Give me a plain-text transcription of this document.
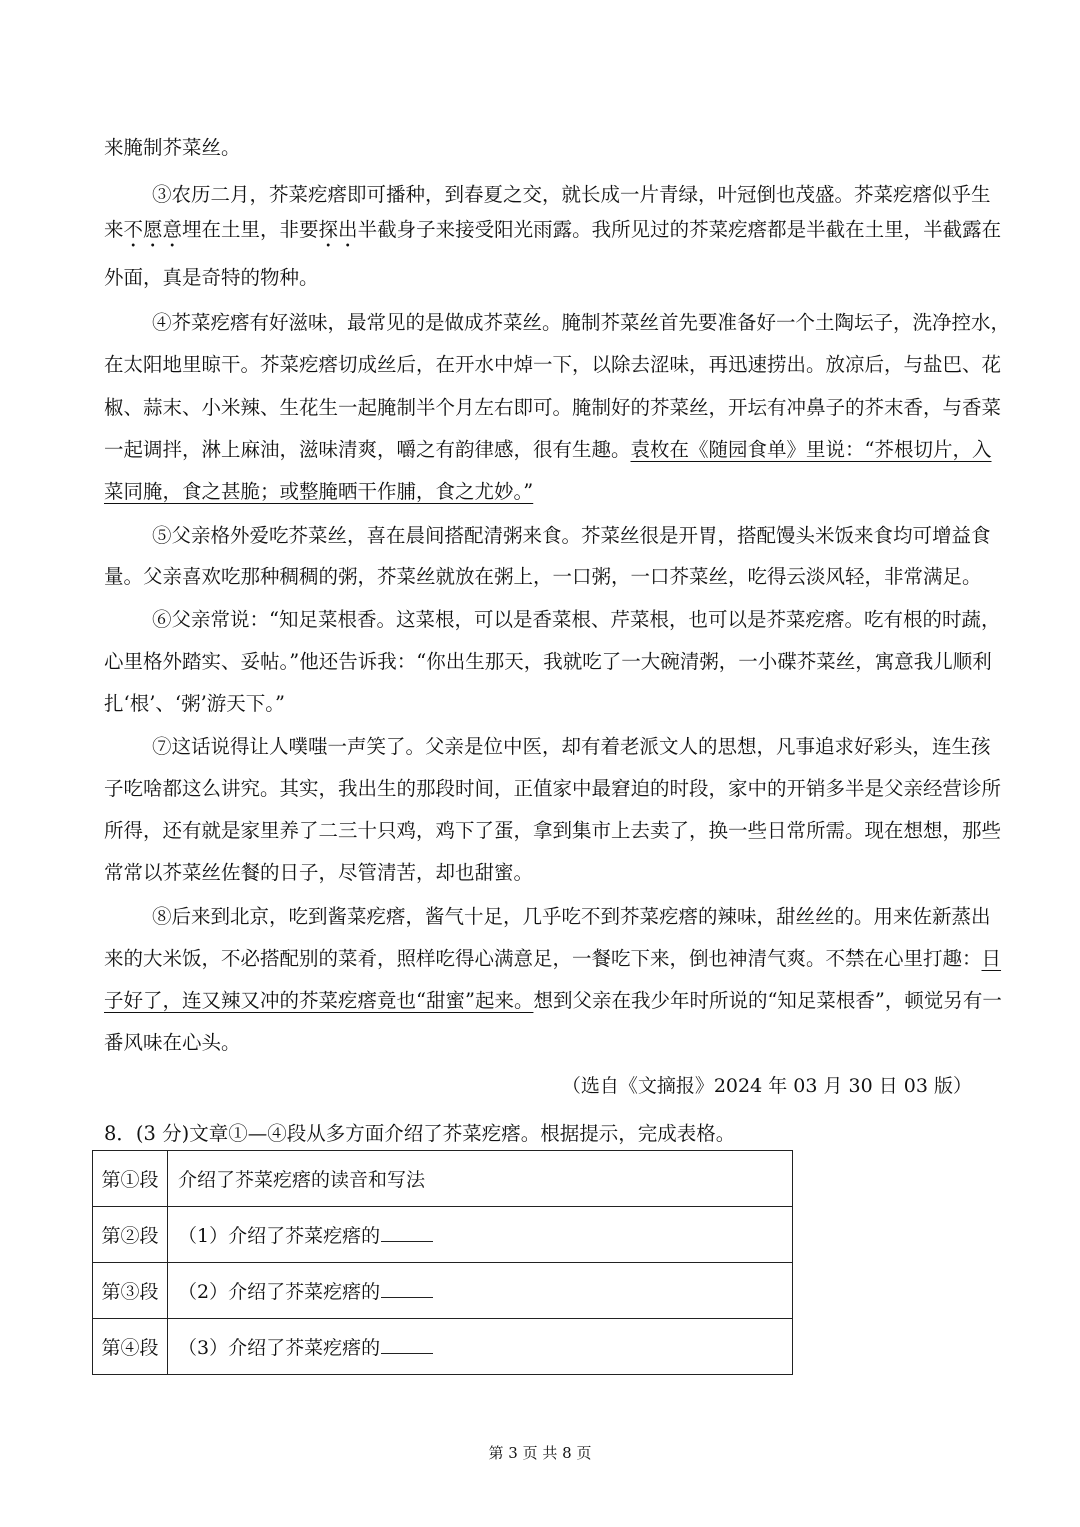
来腌制芥菜丝。
③农历二月，芥菜疙瘩即可播种，到春夏之交，就长成一片青绿，叶冠倒也茂盛。芥菜疙瘩似乎生
来不愿意埋在土里，非要探出半截身子来接受阳光雨露。我所见过的芥菜疙瘩都是半截在土里，半截露在
外面，真是奇特的物种。
④芥菜疙瘩有好滋味，最常见的是做成芥菜丝。腌制芥菜丝首先要准备好一个土陶坛子，洗净控水，
在太阳地里晾干。芥菜疙瘩切成丝后，在开水中焯一下，以除去涩味，再迅速捞出。放凉后，与盐巴、花
椒、蒜末、小米辣、生花生一起腌制半个月左右即可。腌制好的芥菜丝，开坛有冲鼻子的芥末香，与香菜
一起调拌，淋上麻油，滋味清爽，嚼之有韵律感，很有生趣。袁枚在《随园食单》里说：“芥根切片，入
菜同腌，食之甚脆；或整腌晒干作脯，食之尤妙。”
⑤父亲格外爱吃芥菜丝，喜在晨间搭配清粥来食。芥菜丝很是开胃，搭配馒头米饭来食均可增益食
量。父亲喜欢吃那种稠稠的粥，芥菜丝就放在粥上，一口粥，一口芥菜丝，吃得云淡风轻，非常满足。
⑥父亲常说：“知足菜根香。这菜根，可以是香菜根、芹菜根，也可以是芥菜疙瘩。吃有根的时蔬，
心里格外踏实、妥帖。”他还告诉我：“你出生那天，我就吃了一大碗清粥，一小碟芥菜丝，寓意我儿顺利
扎‘根’、‘粥’游天下。”
⑦这话说得让人噗嗤一声笑了。父亲是位中医，却有着老派文人的思想，凡事追求好彩头，连生孩
子吃啥都这么讲究。其实，我出生的那段时间，正值家中最窘迫的时段，家中的开销多半是父亲经营诊所
所得，还有就是家里养了二三十只鸡，鸡下了蛋，拿到集市上去卖了，换一些日常所需。现在想想，那些
常常以芥菜丝佐餐的日子，尽管清苦，却也甜蜜。
⑧后来到北京，吃到酱菜疙瘩，酱气十足，几乎吃不到芥菜疙瘩的辣味，甜丝丝的。用来佐新蒸出
来的大米饭，不必搭配别的菜肴，照样吃得心满意足，一餐吃下来，倒也神清气爽。不禁在心里打趣：日
子好了，连又辣又冲的芥菜疙瘩竟也“甜蜜”起来。想到父亲在我少年时所说的“知足菜根香”，顿觉另有一
番风味在心头。
（选自《文摘报》2024 年 03 月 30 日 03 版）
8．(3 分)文章①—④段从多方面介绍了芥菜疙瘩。根据提示，完成表格。
第①段	介绍了芥菜疙瘩的读音和写法
第②段	（1）介绍了芥菜疙瘩的
第③段	（2）介绍了芥菜疙瘩的
第④段	（3）介绍了芥菜疙瘩的
第 3 页 共 8 页
